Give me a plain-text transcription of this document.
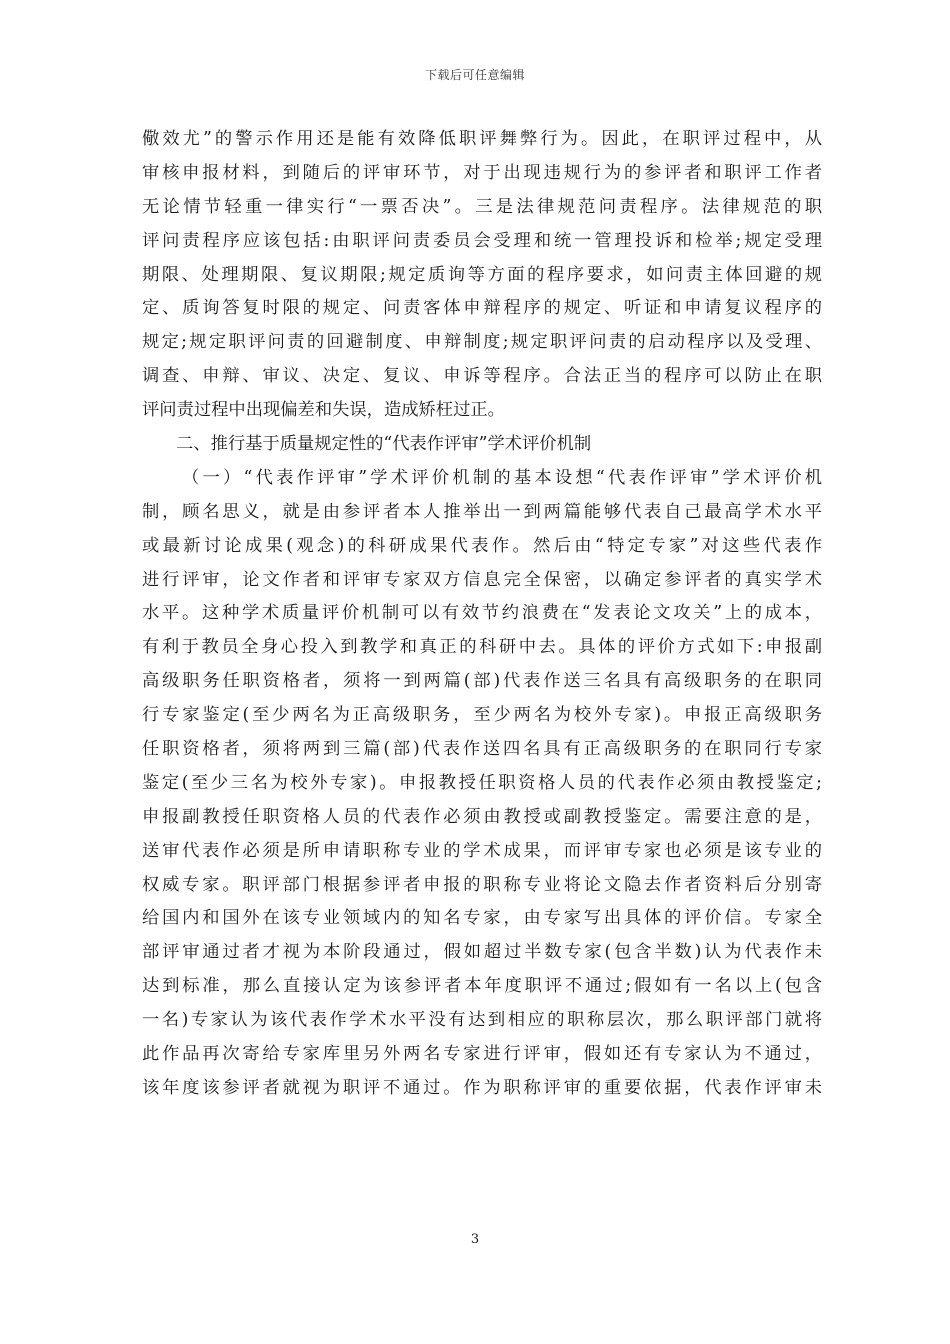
下载后可任意编辑
儆效尤”的警示作用还是能有效降低职评舞弊行为。因此，在职评过程中，从
审核申报材料，到随后的评审环节，对于出现违规行为的参评者和职评工作者
无论情节轻重一律实行“一票否决”。三是法律规范问责程序。法律规范的职
评问责程序应该包括:由职评问责委员会受理和统一管理投诉和检举;规定受理
期限、处理期限、复议期限;规定质询等方面的程序要求，如问责主体回避的规
定、质询答复时限的规定、问责客体申辩程序的规定、听证和申请复议程序的
规定;规定职评问责的回避制度、申辩制度;规定职评问责的启动程序以及受理、
调查、申辩、审议、决定、复议、申诉等程序。合法正当的程序可以防止在职
评问责过程中出现偏差和失误，造成矫枉过正。
二、推行基于质量规定性的“代表作评审”学术评价机制
（一）“代表作评审”学术评价机制的基本设想“代表作评审”学术评价机
制，顾名思义，就是由参评者本人推举出一到两篇能够代表自己最高学术水平
或最新讨论成果(观念)的科研成果代表作。然后由“特定专家”对这些代表作
进行评审，论文作者和评审专家双方信息完全保密，以确定参评者的真实学术
水平。这种学术质量评价机制可以有效节约浪费在“发表论文攻关”上的成本，
有利于教员全身心投入到教学和真正的科研中去。具体的评价方式如下:申报副
高级职务任职资格者，须将一到两篇(部)代表作送三名具有高级职务的在职同
行专家鉴定(至少两名为正高级职务，至少两名为校外专家)。申报正高级职务
任职资格者，须将两到三篇(部)代表作送四名具有正高级职务的在职同行专家
鉴定(至少三名为校外专家)。申报教授任职资格人员的代表作必须由教授鉴定;
申报副教授任职资格人员的代表作必须由教授或副教授鉴定。需要注意的是，
送审代表作必须是所申请职称专业的学术成果，而评审专家也必须是该专业的
权威专家。职评部门根据参评者申报的职称专业将论文隐去作者资料后分别寄
给国内和国外在该专业领域内的知名专家，由专家写出具体的评价信。专家全
部评审通过者才视为本阶段通过，假如超过半数专家(包含半数)认为代表作未
达到标准，那么直接认定为该参评者本年度职评不通过;假如有一名以上(包含
一名)专家认为该代表作学术水平没有达到相应的职称层次，那么职评部门就将
此作品再次寄给专家库里另外两名专家进行评审，假如还有专家认为不通过，
该年度该参评者就视为职评不通过。作为职称评审的重要依据，代表作评审未
3
